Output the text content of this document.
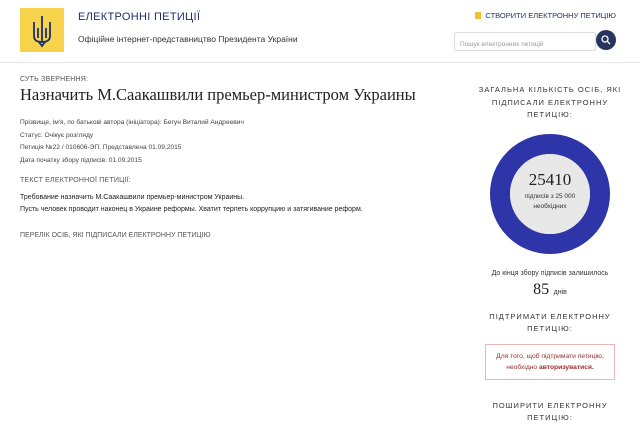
ЕЛЕКТРОННІ ПЕТИЦІЇ
Офіційне інтернет-представництво Президента України
СТВОРИТИ ЕЛЕКТРОННУ ПЕТИЦІЮ
Пошук електронних петицій
СУТЬ ЗВЕРНЕННЯ:
Назначить М.Саакашвили премьер-министром Украины
Прізвище, ім'я, по батькові автора (ініціатора): Бегун Виталий Андреевич
Статус: Очікує розгляду
Петиція №22 / 010606-ЭП. Представлена 01.09.2015
Дата початку збору підписів: 01.09.2015
ТЕКСТ ЕЛЕКТРОННОЇ ПЕТИЦІЇ:
Требование назначить М.Саакашвили премьер-министром Украины.
Пусть человек проводит наконец в Украине реформы. Хватит терпеть коррупцию и затягивание реформ.
ПЕРЕЛІК ОСІБ, ЯКІ ПІДПИСАЛИ ЕЛЕКТРОННУ ПЕТИЦІЮ
ЗАГАЛЬНА КІЛЬКІСТЬ ОСІБ, ЯКІ ПІДПИСАЛИ ЕЛЕКТРОННУ ПЕТИЦІЮ:
25410
підписів з 25 000 необхідних
До кінця збору підписів залишилось
85 днів
ПІДТРИМАТИ ЕЛЕКТРОННУ ПЕТИЦІЮ:
Для того, щоб підтримати петицію, необхідно авторизуватися.
ПОШИРИТИ ЕЛЕКТРОННУ ПЕТИЦІЮ:
